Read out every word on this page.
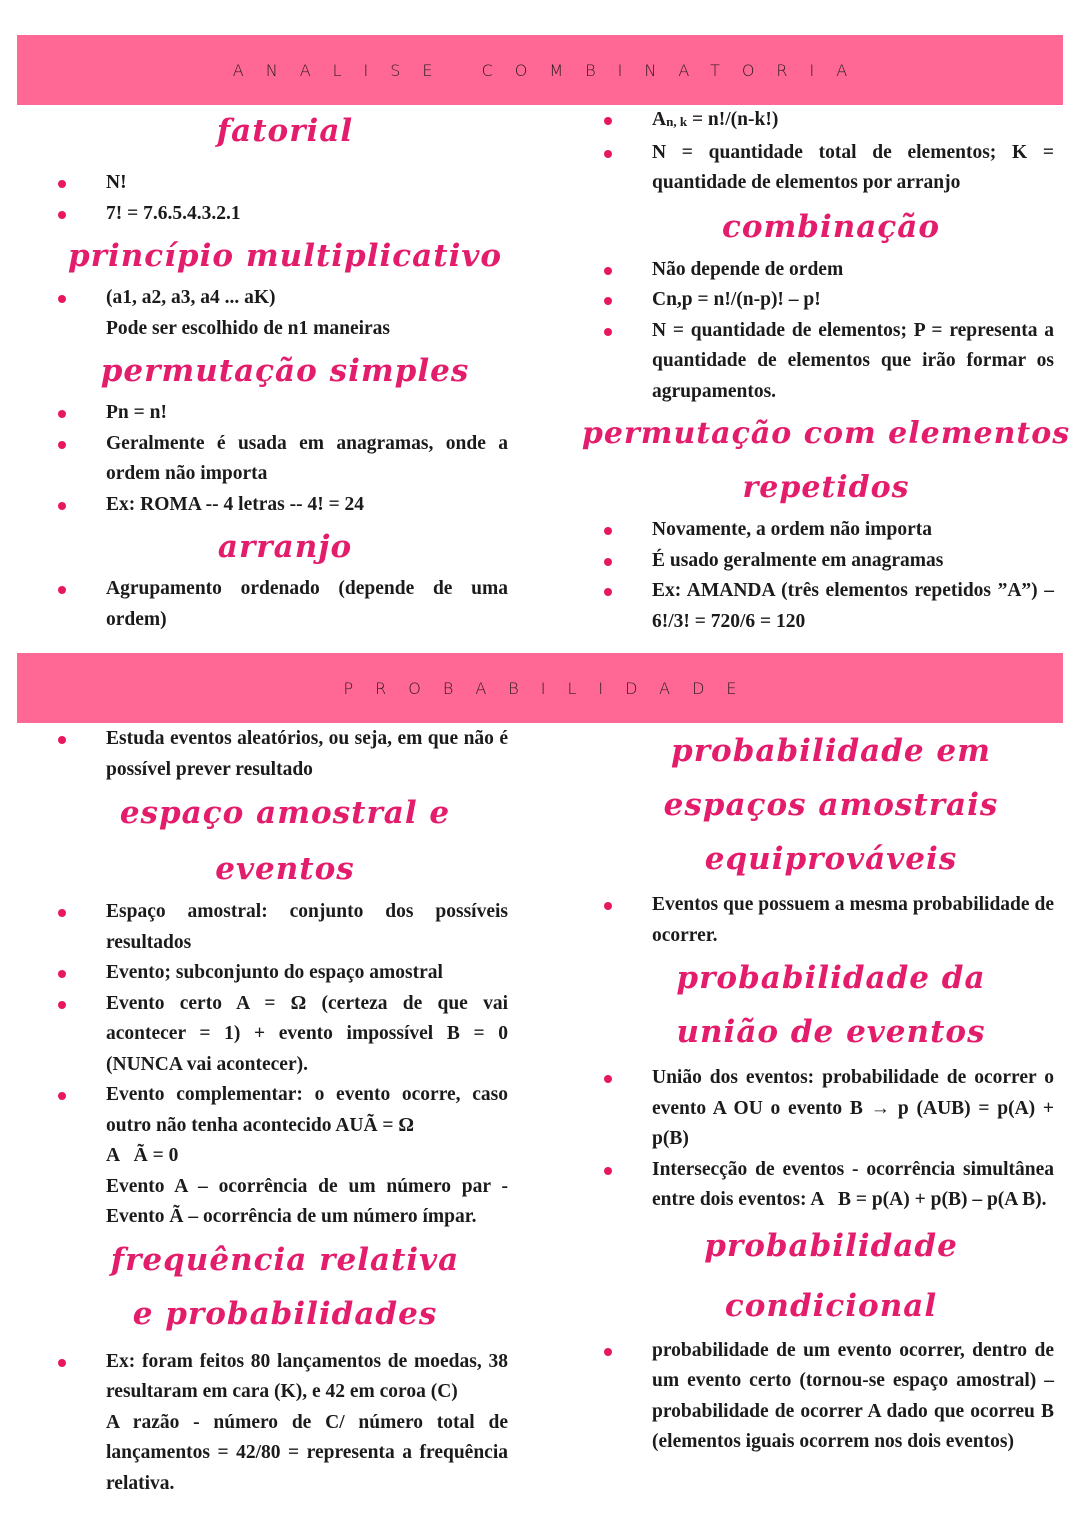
ANALISE COMBINATORIA
fatorial
N!
7! = 7.6.5.4.3.2.1
princípio multiplicativo
(a1, a2, a3, a4 ... aK)
Pode ser escolhido de n1 maneiras
permutação simples
Pn = n!
Geralmente é usada em anagramas, onde a ordem não importa
Ex: ROMA -- 4 letras -- 4! = 24
arranjo
Agrupamento ordenado (depende de uma ordem)
$A_{n, k} = n!/(n-k!)$
N = quantidade total de elementos; K = quantidade de elementos por arranjo
combinação
Não depende de ordem
Cn,p = n!/(n-p)! – p!
N = quantidade de elementos; P = representa a quantidade de elementos que irão formar os agrupamentos.
permutação com elementos repetidos
Novamente, a ordem não importa
É usado geralmente em anagramas
Ex: AMANDA (três elementos repetidos ”A”) – 6!/3! = 720/6 = 120
PROBABILIDADE
Estuda eventos aleatórios, ou seja, em que não é possível prever resultado
espaço amostral e eventos
Espaço amostral: conjunto dos possíveis resultados
Evento; subconjunto do espaço amostral
Evento certo A = Ω (certeza de que vai acontecer = 1) + evento impossível B = 0 (NUNCA vai acontecer).
Evento complementar: o evento ocorre, caso outro não tenha acontecido AUÃ = Ω
A   Ã = 0
Evento A – ocorrência de um número par - Evento Ã – ocorrência de um número ímpar.
frequência relativa e probabilidades
Ex: foram feitos 80 lançamentos de moedas, 38 resultaram em cara (K), e 42 em coroa (C)
A razão - número de C/ número total de lançamentos = 42/80 = representa a frequência relativa.
probabilidade em espaços amostrais equiprováveis
Eventos que possuem a mesma probabilidade de ocorrer.
probabilidade da união de eventos
União dos eventos: probabilidade de ocorrer o evento A OU o evento B → p (AUB) = p(A) + p(B)
Intersecção de eventos - ocorrência simultânea entre dois eventos: A   B = p(A) + p(B) – p(A B).
probabilidade condicional
probabilidade de um evento ocorrer, dentro de um evento certo (tornou-se espaço amostral) – probabilidade de ocorrer A dado que ocorreu B (elementos iguais ocorrem nos dois eventos)
